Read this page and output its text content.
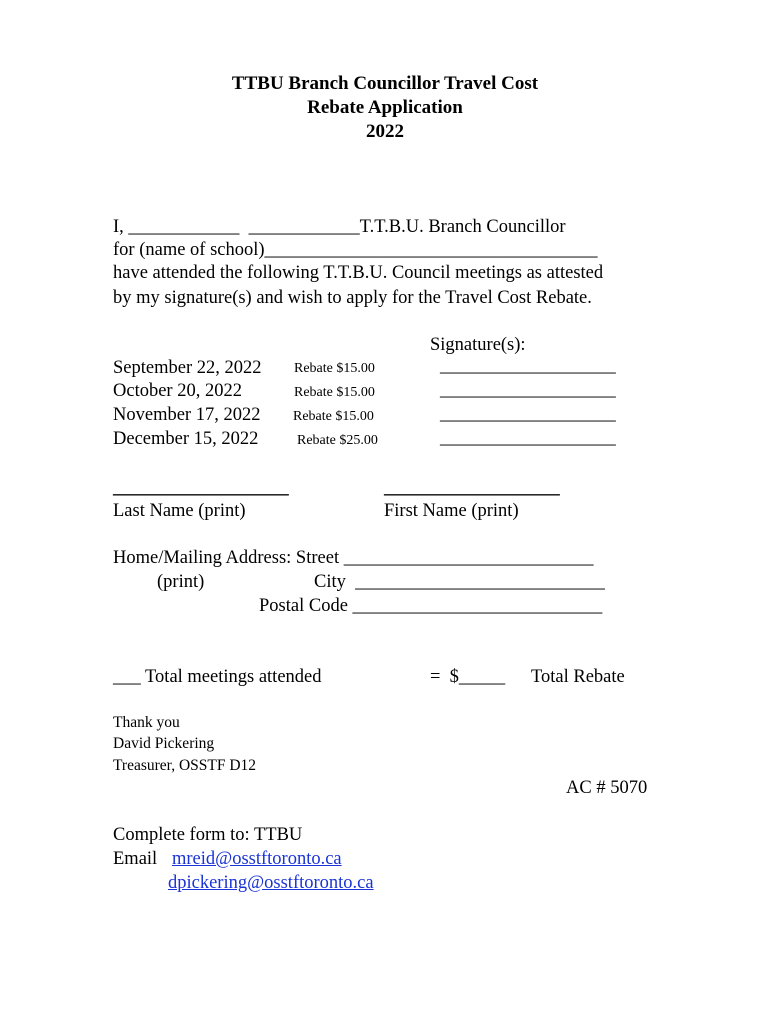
TTBU Branch Councillor Travel Cost
Rebate Application
2022
I, ____________  ____________T.T.B.U. Branch Councillor
for (name of school)____________________________________
have attended the following T.T.B.U. Council meetings as attested
by my signature(s) and wish to apply for the Travel Cost Rebate.
Signature(s):
September 22, 2022 Rebate $15.00	___________________
October 20, 2022	Rebate $15.00	___________________
November 17, 2022 Rebate $15.00	___________________
December 15, 2022	Rebate $25.00	___________________
___________________	___________________
Last Name (print)	First Name (print)
Home/Mailing Address: Street ___________________________
(print)	City  ___________________________
Postal Code ___________________________
___ Total meetings attended	=  $_____ Total Rebate
Thank you
David Pickering
Treasurer, OSSTF D12
AC # 5070
Complete form to: TTBU
Email mreid@osstftoronto.ca
dpickering@osstftoronto.ca
